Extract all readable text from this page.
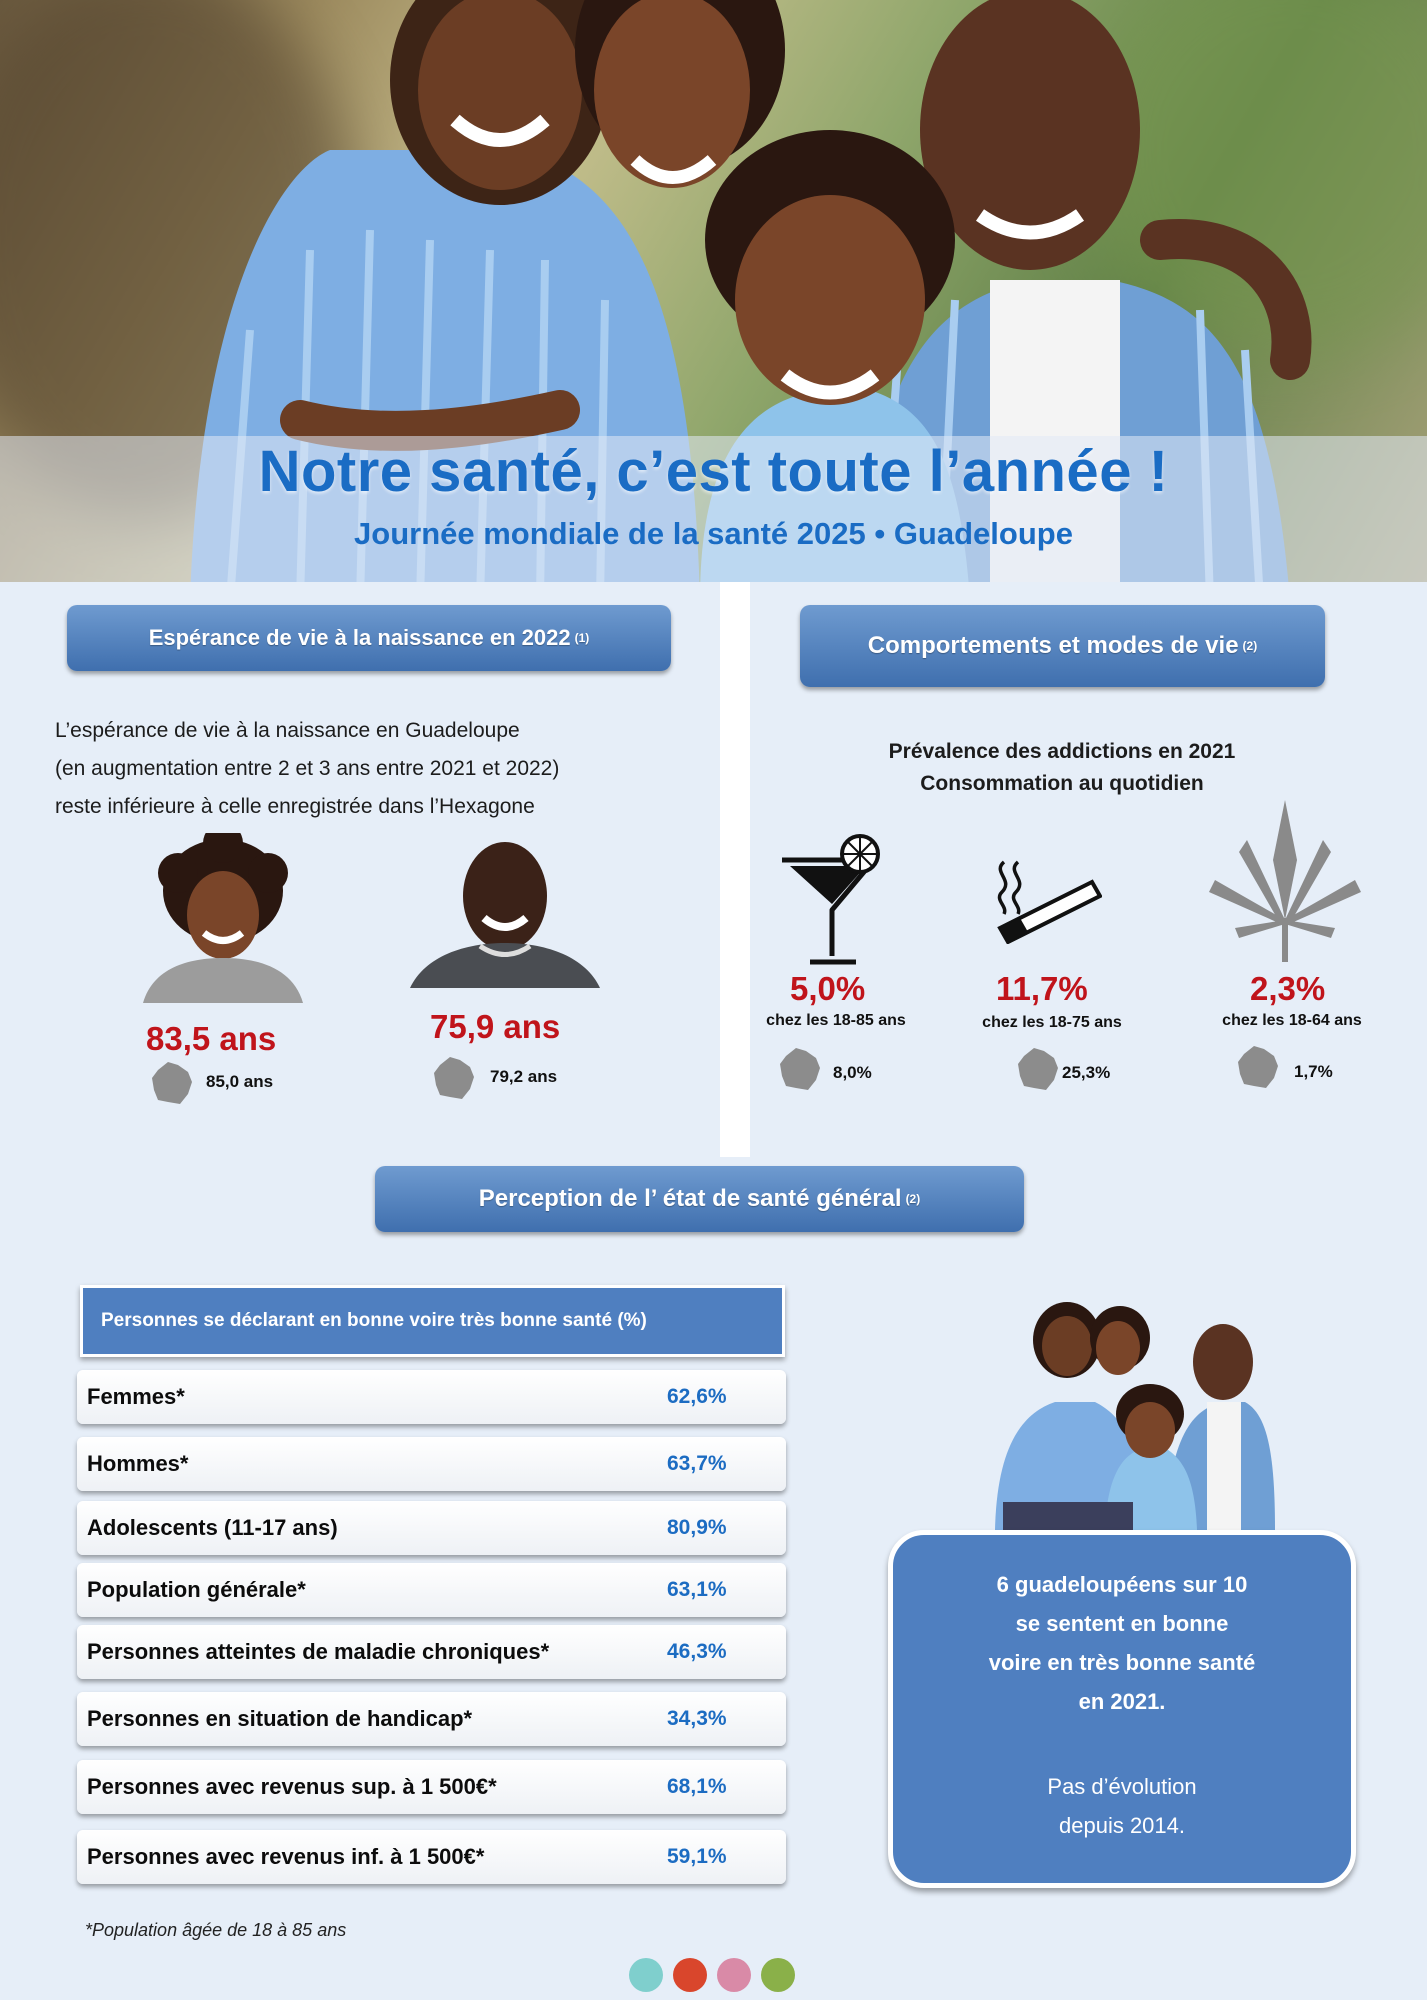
Notre santé, c’est toute l’année !
Journée mondiale de la santé 2025 • Guadeloupe
Espérance de vie à la naissance en 2022 (1)
L’espérance de vie à la naissance en Guadeloupe
(en augmentation entre 2 et 3 ans entre 2021 et 2022)
reste inférieure à celle enregistrée dans l’Hexagone
83,5 ans
85,0 ans
75,9 ans
79,2 ans
Comportements et modes de vie (2)
Prévalence des addictions en 2021
Consommation au quotidien
5,0%
chez les 18-85 ans
8,0%
11,7%
chez les 18-75 ans
25,3%
2,3%
chez les 18-64 ans
1,7%
Perception de l’ état de santé général (2)
Personnes se déclarant en bonne voire très bonne santé (%)
Femmes*	62,6%
Hommes*	63,7%
Adolescents (11-17 ans)	80,9%
Population générale*	63,1%
Personnes atteintes de maladie chroniques*	46,3%
Personnes en situation de handicap*	34,3%
Personnes avec revenus sup. à 1 500€*	68,1%
Personnes avec revenus inf. à 1 500€*	59,1%
*Population âgée de 18 à 85 ans
6 guadeloupéens sur 10
se sentent en bonne
voire en très bonne santé
en 2021.
Pas d’évolution
depuis 2014.
